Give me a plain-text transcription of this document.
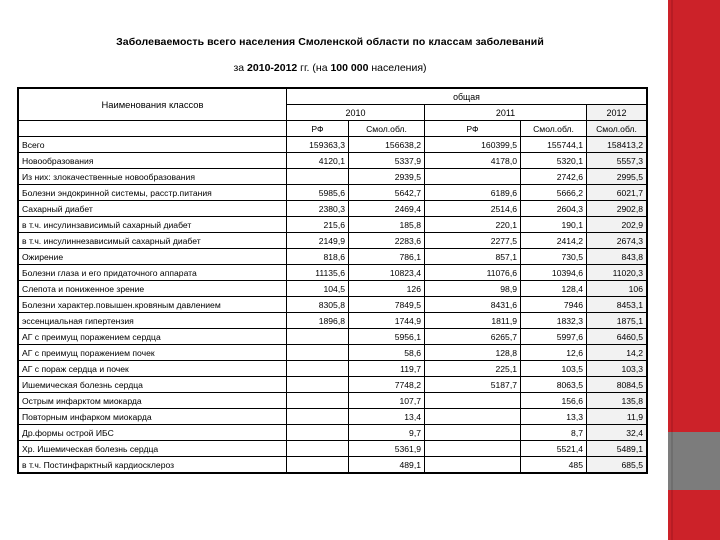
Заболеваемость всего населения Смоленской области по классам заболеваний
за 2010-2012 гг. (на 100 000 населения)
Наименования классов	общая				
	2010		2011		2012
	РФ	Смол.обл.	РФ	Смол.обл.	Смол.обл.
Всего	159363,3	156638,2	160399,5	155744,1	158413,2
Новообразования	4120,1	5337,9	4178,0	5320,1	5557,3
Из них: злокачественные новообразования		2939,5		2742,6	2995,5
Болезни эндокринной системы, расстр.питания	5985,6	5642,7	6189,6	5666,2	6021,7
Сахарный диабет	2380,3	2469,4	2514,6	2604,3	2902,8
в т.ч. инсулинзависимый сахарный диабет	215,6	185,8	220,1	190,1	202,9
в т.ч. инсулиннезависимый сахарный диабет	2149,9	2283,6	2277,5	2414,2	2674,3
Ожирение	818,6	786,1	857,1	730,5	843,8
Болезни глаза и его придаточного аппарата	11135,6	10823,4	11076,6	10394,6	11020,3
Слепота и пониженное зрение	104,5	126	98,9	128,4	106
Болезни характер.повышен.кровяным давлением	8305,8	7849,5	8431,6	7946	8453,1
эссенциальная гипертензия	1896,8	1744,9	1811,9	1832,3	1875,1
АГ с преимущ поражением сердца		5956,1	6265,7	5997,6	6460,5
АГ с преимущ поражением почек		58,6	128,8	12,6	14,2
АГ с пораж сердца и почек		119,7	225,1	103,5	103,3
Ишемическая болезнь сердца		7748,2	5187,7	8063,5	8084,5
Острым инфарктом миокарда		107,7		156,6	135,8
Повторным инфарком миокарда		13,4		13,3	11,9
Др.формы острой ИБС		9,7		8,7	32,4
Хр. Ишемическая болезнь сердца		5361,9		5521,4	5489,1
в т.ч. Постинфарктный кардиосклероз		489,1		485	685,5
